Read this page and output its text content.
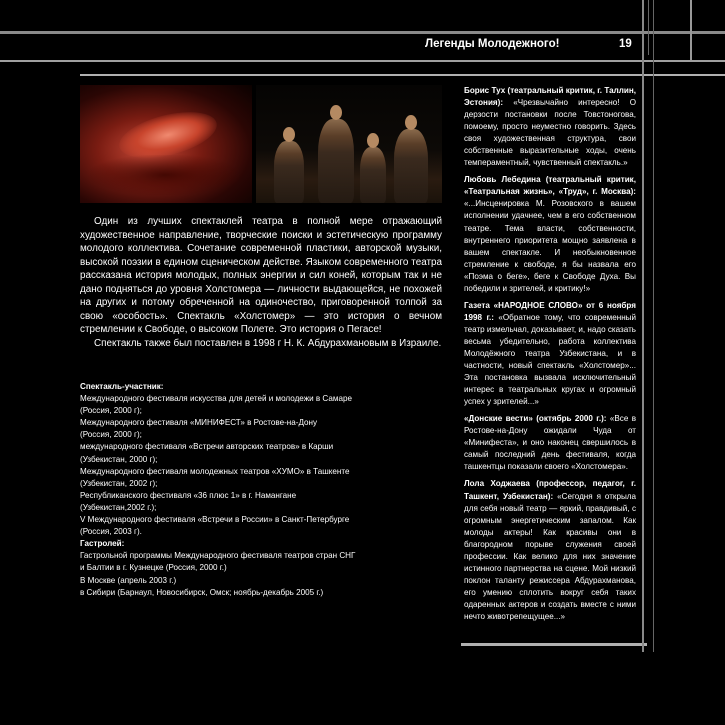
Легенды Молодежного!	19

Один из лучших спектаклей театра в полной мере отражающий художественное направление, творческие поиски и эстетическую программу молодого коллектива. Сочетание современной пластики, авторской музыки, высокой поэзии в едином сценическом действе. Языком современного театра рассказана история молодых, полных энергии и сил коней, которым так и не дано подняться до уровня Холстомера — личности выдающейся, не похожей на других и потому обреченной на одиночество, приговоренной толпой за свою «особость». Спектакль «Холстомер» — это история о вечном стремлении к Свободе, о высоком Полете. Это история о Пегасе!

Спектакль также был поставлен в 1998 г Н. К. Абдурахмановым в Израиле.

Спектакль-участник:
Международного фестиваля искусства для детей и молодежи в Самаре
(Россия, 2000 г);
Международного фестиваля «МИНИФЕСТ» в Ростове-на-Дону
(Россия, 2000 г);
международного фестиваля «Встречи авторских театров» в Карши
(Узбекистан, 2000 г);
Международного фестиваля молодежных театров «ХУМО» в Ташкенте
(Узбекистан, 2002 г);
Республиканского фестиваля «36 плюс 1» в г. Намангане
(Узбекистан,2002 г.);
V Международного фестиваля «Встречи в России» в Санкт-Петербурге
(Россия, 2003 г).
Гастролей:
Гастрольной программы Международного фестиваля театров стран СНГ
и Балтии в г. Кузнецке (Россия, 2000 г.)
В Москве (апрель 2003 г.)
в Сибири (Барнаул, Новосибирск, Омск; ноябрь-декабрь 2005 г.)

Борис Тух (театральный критик, г. Таллин, Эстония): «Чрезвычайно интересно! О дерзости постановки после Товстоногова, помоему, просто неуместно говорить. Здесь своя художественная структура, свои собственные выразительные ходы, очень темпераментный, чувственный спектакль.»

Любовь Лебедина (театральный критик, «Театральная жизнь», «Труд», г. Москва): «...Инсценировка М. Розовского в вашем исполнении удачнее, чем в его собственном театре. Тема власти, собственности, внутреннего приоритета мощно заявлена в вашем спектакле. И необыкновенное стремление к свободе, я бы назвала его «Поэма о беге», беге к Свободе Духа. Вы победили и зрителей, и критику!»

Газета «НАРОДНОЕ СЛОВО» от 6 ноября 1998 г.: «Обратное тому, что современный театр измельчал, доказывает, и, надо сказать весьма убедительно, работа коллектива Молодёжного театра Узбекистана, и в частности, новый спектакль «Холстомер»... Эта постановка вызвала исключительный интерес в театральных кругах и огромный успех у зрителей...»

«Донские вести» (октябрь 2000 г.): «Все в Ростове-на-Дону ожидали Чуда от «Минифеста», и оно наконец свершилось в самый последний день фестиваля, когда ташкентцы показали своего «Холстомера».

Лола Ходжаева (профессор, педагог, г. Ташкент, Узбекистан): «Сегодня я открыла для себя новый театр — яркий, правдивый, с огромным энергетическим запалом. Как молоды актеры! Как красивы они в благородном порыве служения своей профессии. Как велико для них значение истинного партнерства на сцене. Мой низкий поклон таланту режиссера Абдурахманова, его умению сплотить вокруг себя таких одаренных актеров и создать вместе с ними нечто животрепещущее...»
